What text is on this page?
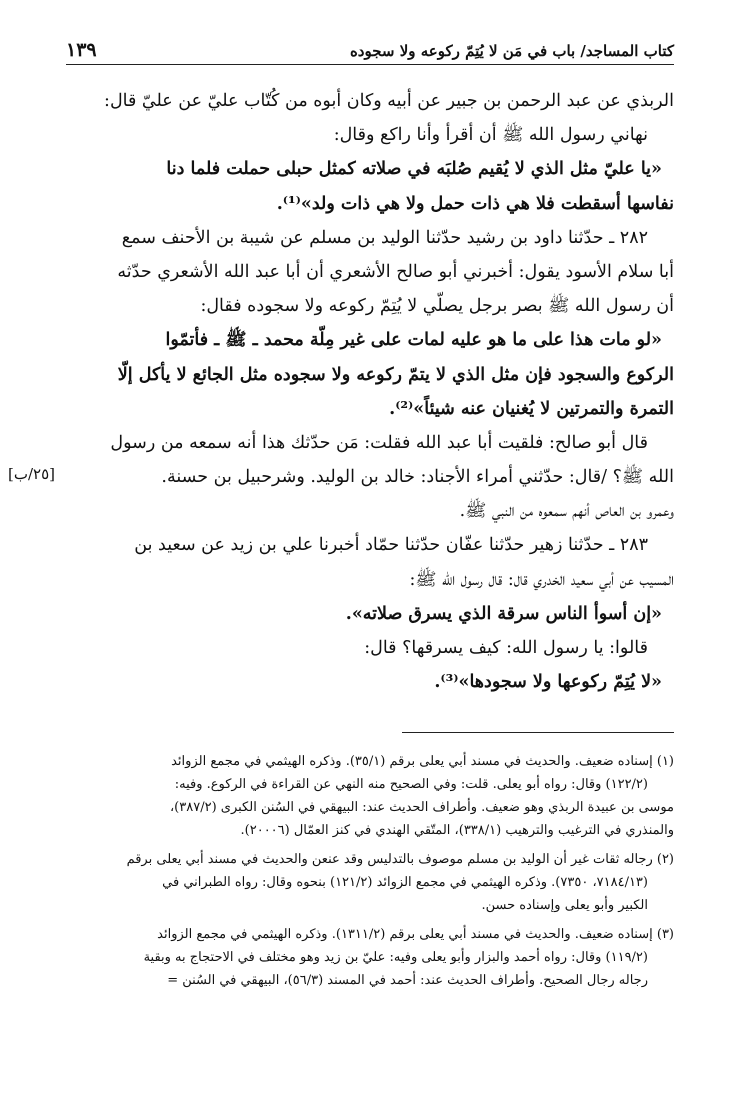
كتاب المساجد/ باب في مَن لا يُتِمّ ركوعه ولا سجوده
١٣٩
الربذي عن عبد الرحمن بن جبير عن أبيه وكان أبوه من كُتّاب عليّ عن عليّ قال:
نهاني رسول الله ﷺ أن أقرأ وأنا راكع وقال:
«يا عليّ مثل الذي لا يُقيم صُلبَه في صلاته كمثل حبلى حملت فلما دنا
نفاسها أسقطت فلا هي ذات حمل ولا هي ذات ولد»⁽¹⁾.
٢٨٢ ـ حدّثنا داود بن رشيد حدّثنا الوليد بن مسلم عن شيبة بن الأحنف سمع
أبا سلام الأسود يقول: أخبرني أبو صالح الأشعري أن أبا عبد الله الأشعري حدّثه
أن رسول الله ﷺ بصر برجل يصلّي لا يُتِمّ ركوعه ولا سجوده فقال:
«لو مات هذا على ما هو عليه لمات على غير مِلّة محمد ـ ﷺ ـ فأتمّوا
الركوع والسجود فإن مثل الذي لا يتمّ ركوعه ولا سجوده مثل الجائع لا يأكل إلّا
التمرة والتمرتين لا يُغنيان عنه شيئاً»⁽²⁾.
قال أبو صالح: فلقيت أبا عبد الله فقلت: مَن حدّثك هذا أنه سمعه من رسول
الله ﷺ؟ /قال: حدّثني أمراء الأجناد: خالد بن الوليد. وشرحبيل بن حسنة.
وعمرو بن العاص أنهم سمعوه من النبي ﷺ.
٢٨٣ ـ حدّثنا زهير حدّثنا عفّان حدّثنا حمّاد أخبرنا علي بن زيد عن سعيد بن
المسيب عن أبي سعيد الخدري قال: قال رسول الله ﷺ:
«إن أسوأ الناس سرقة الذي يسرق صلاته».
قالوا: يا رسول الله: كيف يسرقها؟ قال:
«لا يُتِمّ ركوعها ولا سجودها»⁽³⁾.
[٢٥/ب]
(١) إسناده ضعيف. والحديث في مسند أبي يعلى برقم (٣٥/١). وذكره الهيثمي في مجمع الزوائد
(١٢٢/٢) وقال: رواه أبو يعلى. قلت: وفي الصحيح منه النهي عن القراءة في الركوع. وفيه:
موسى بن عبيدة الربذي وهو ضعيف. وأطراف الحديث عند: البيهقي في السُنن الكبرى (٣٨٧/٢)،
والمنذري في الترغيب والترهيب (٣٣٨/١)، المتّقي الهندي في كنز العمّال (٢٠٠٠٦).
(٢) رجاله ثقات غير أن الوليد بن مسلم موصوف بالتدليس وقد عنعن والحديث في مسند أبي يعلى برقم
(٧١٨٤/١٣، ٧٣٥٠). وذكره الهيثمي في مجمع الزوائد (١٢١/٢) بنحوه وقال: رواه الطبراني في
الكبير وأبو يعلى وإسناده حسن.
(٣) إسناده ضعيف. والحديث في مسند أبي يعلى برقم (١٣١١/٢). وذكره الهيثمي في مجمع الزوائد
(١١٩/٢) وقال: رواه أحمد والبزار وأبو يعلى وفيه: عليّ بن زيد وهو مختلف في الاحتجاج به وبقية
رجاله رجال الصحيح. وأطراف الحديث عند: أحمد في المسند (٥٦/٣)، البيهقي في السُنن =
